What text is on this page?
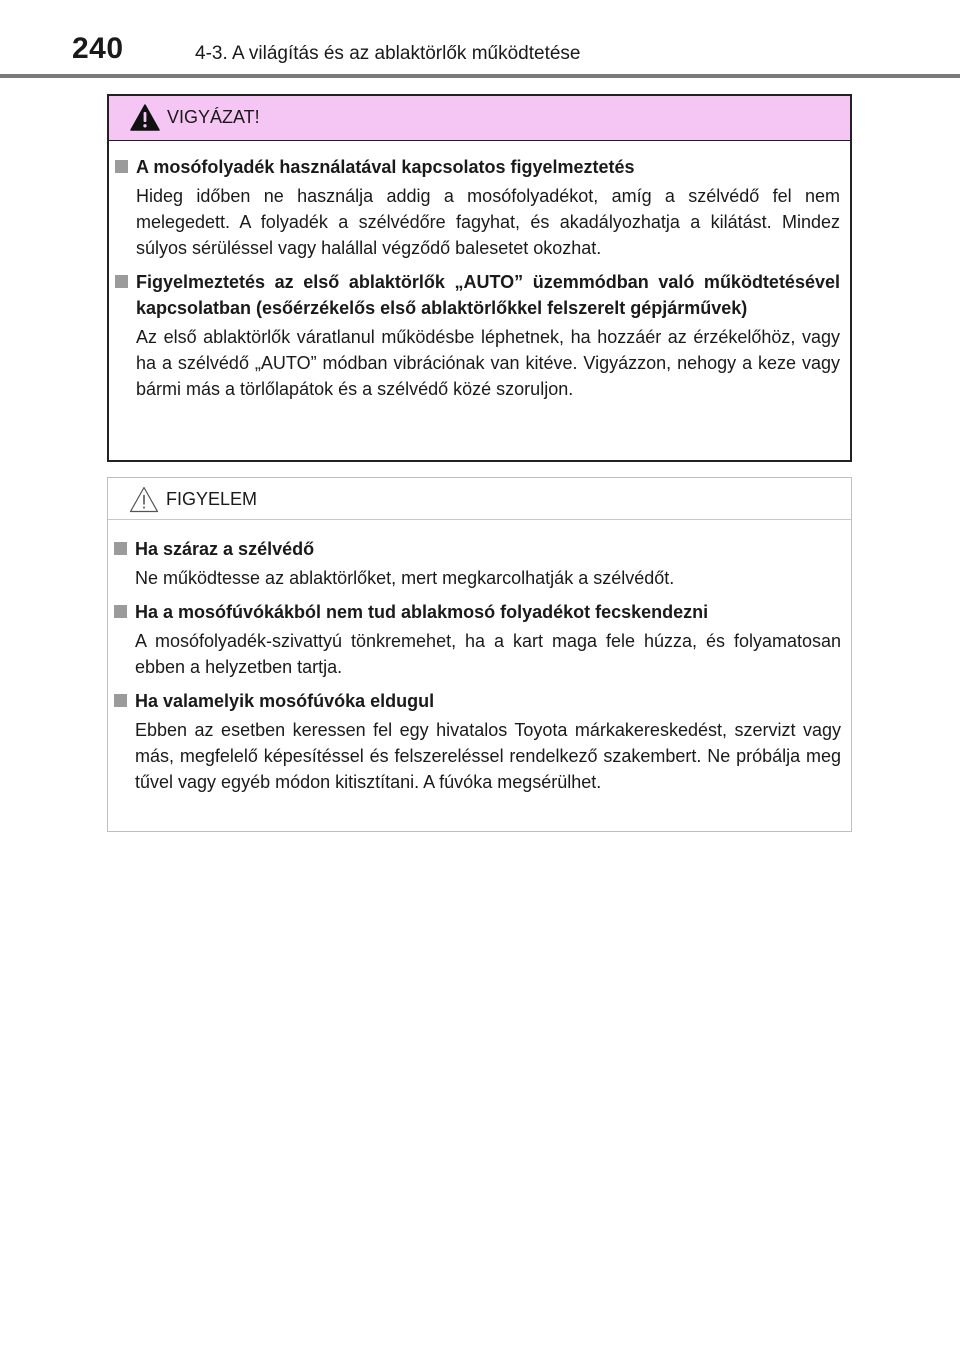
240	4-3. A világítás és az ablaktörlők működtetése
VIGYÁZAT!
A mosófolyadék használatával kapcsolatos figyelmeztetés
Hideg időben ne használja addig a mosófolyadékot, amíg a szélvédő fel nem melegedett. A folyadék a szélvédőre fagyhat, és akadályozhatja a kilátást. Mindez súlyos sérüléssel vagy halállal végződő balesetet okozhat.
Figyelmeztetés az első ablaktörlők „AUTO” üzemmódban való működtetésével kapcsolatban (esőérzékelős első ablaktörlőkkel felszerelt gépjárművek)
Az első ablaktörlők váratlanul működésbe léphetnek, ha hozzáér az érzékelőhöz, vagy ha a szélvédő „AUTO” módban vibrációnak van kitéve. Vigyázzon, nehogy a keze vagy bármi más a törlőlapátok és a szélvédő közé szoruljon.
FIGYELEM
Ha száraz a szélvédő
Ne működtesse az ablaktörlőket, mert megkarcolhatják a szélvédőt.
Ha a mosófúvókákból nem tud ablakmosó folyadékot fecskendezni
A mosófolyadék-szivattyú tönkremehet, ha a kart maga fele húzza, és folyamatosan ebben a helyzetben tartja.
Ha valamelyik mosófúvóka eldugul
Ebben az esetben keressen fel egy hivatalos Toyota márkakereskedést, szervizt vagy más, megfelelő képesítéssel és felszereléssel rendelkező szakembert. Ne próbálja meg tűvel vagy egyéb módon kitisztítani. A fúvóka megsérülhet.
